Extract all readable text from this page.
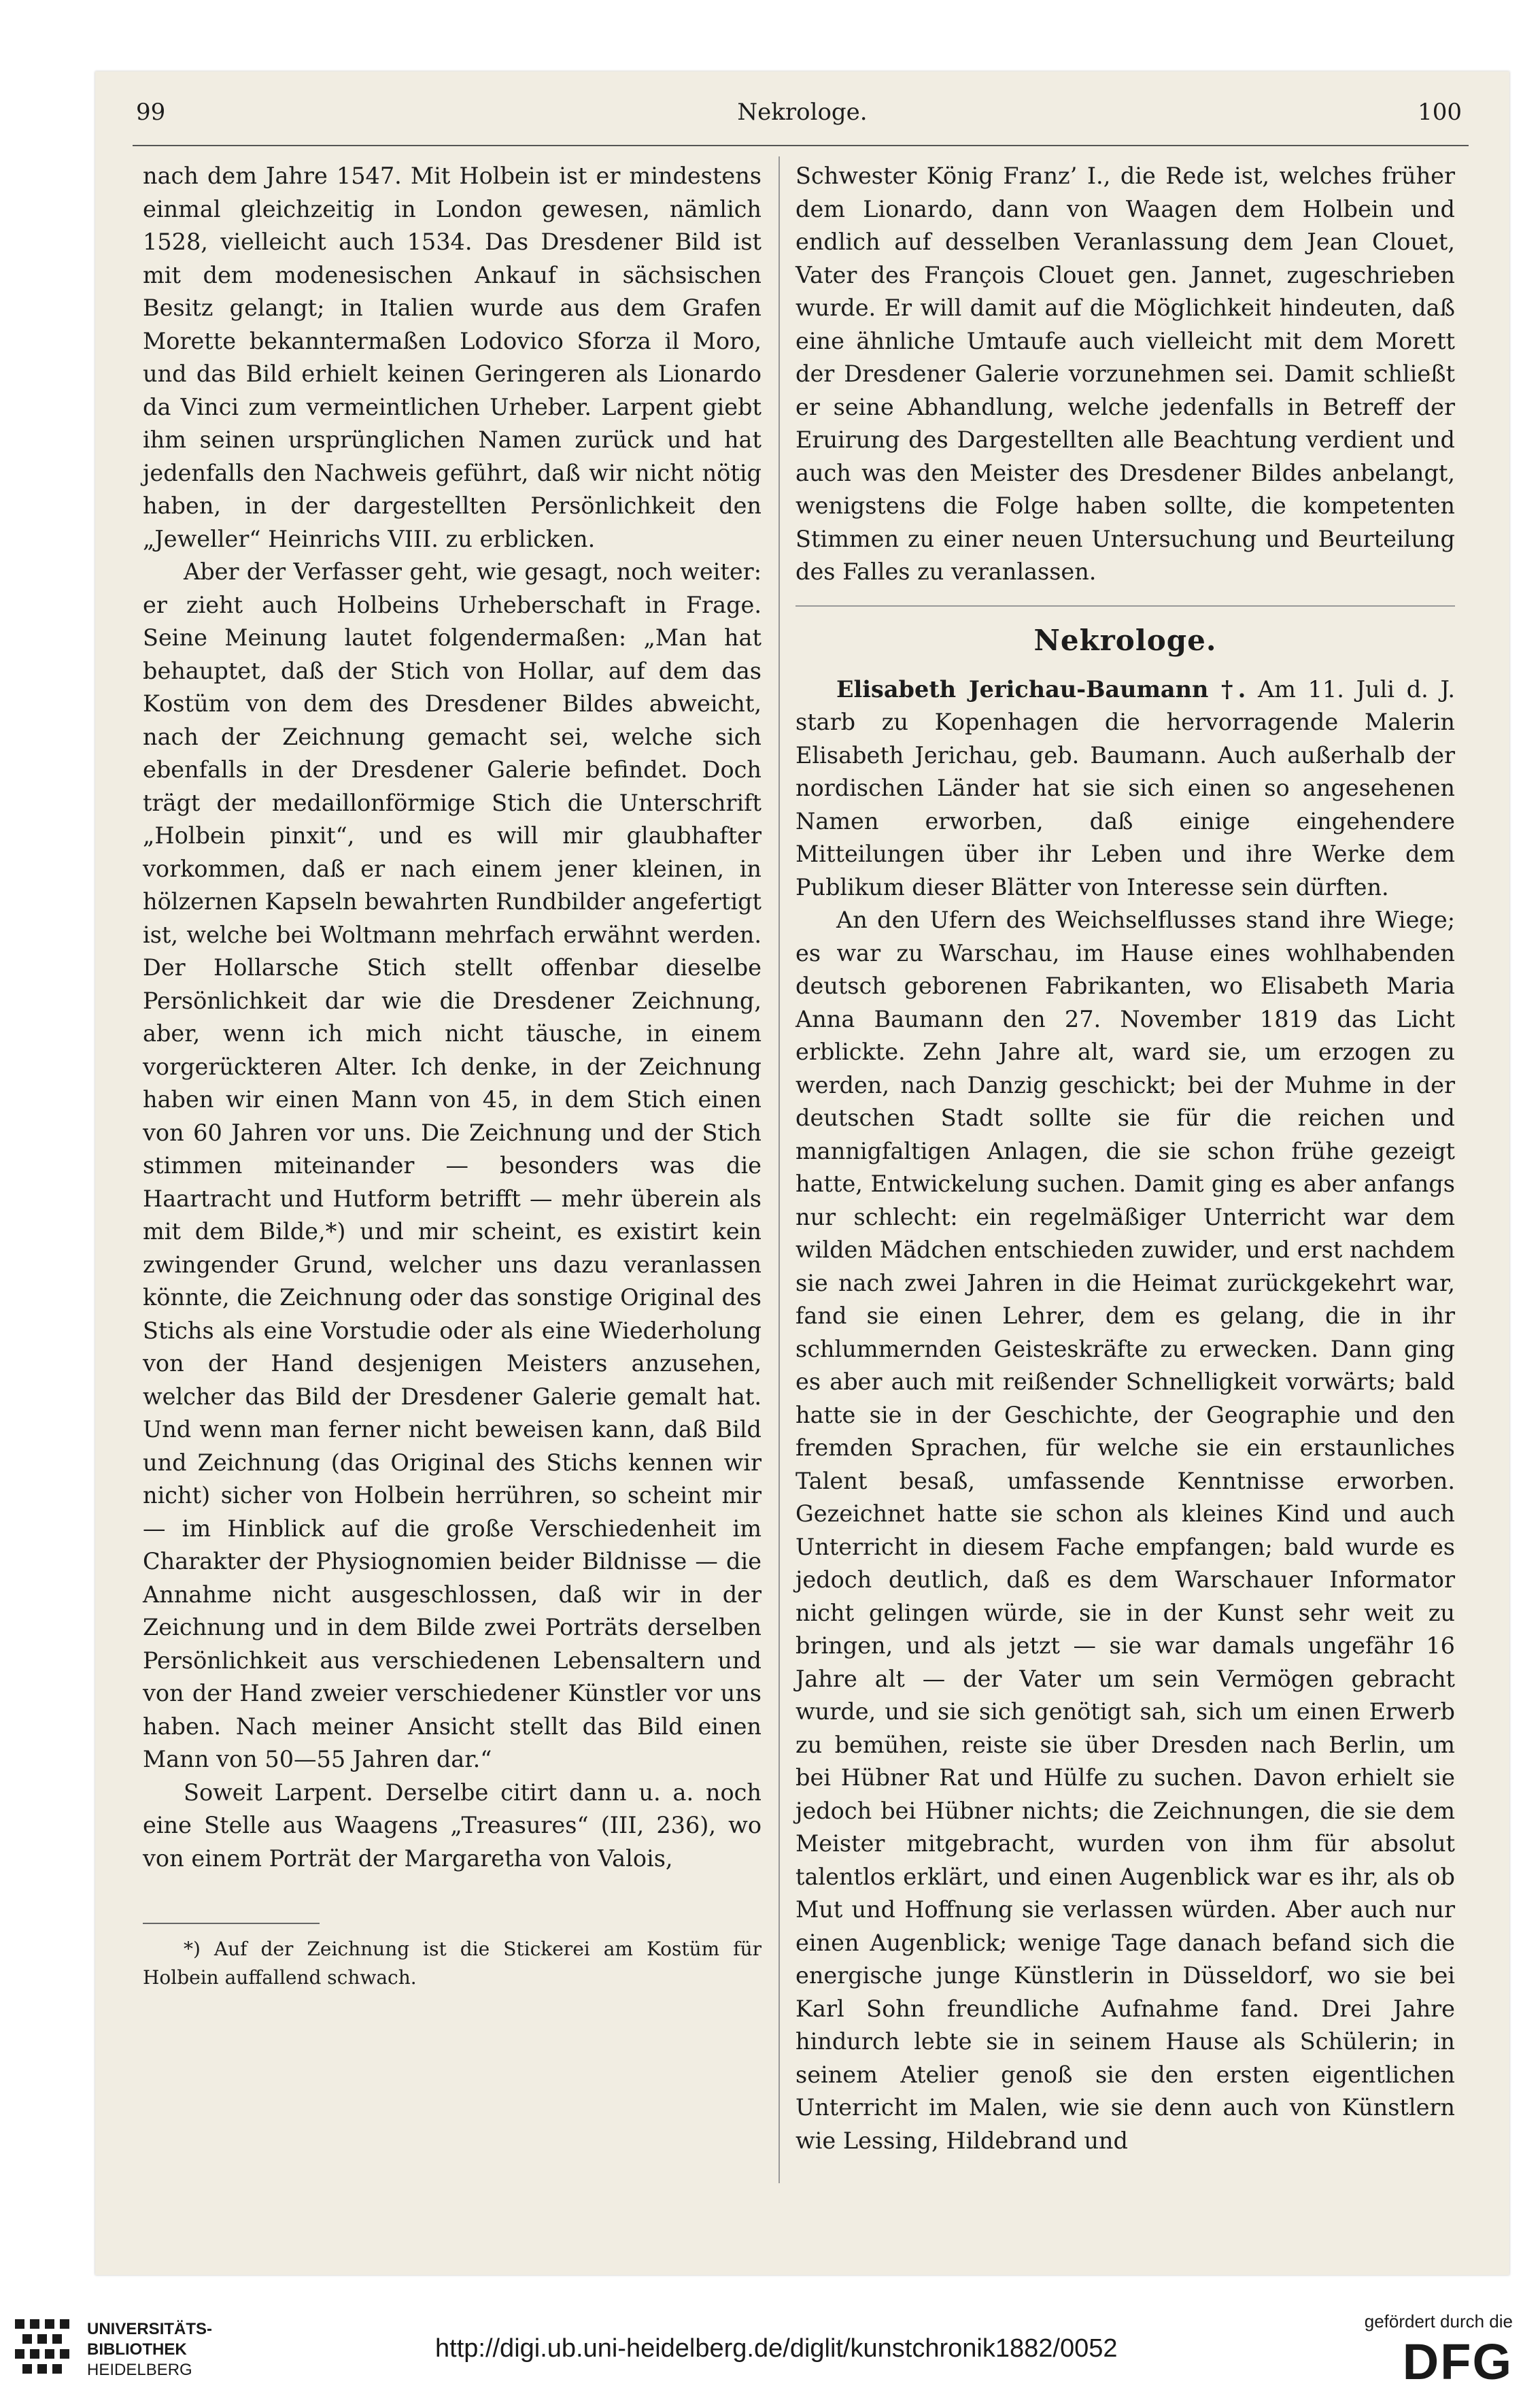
99	Nekrologe.	100

nach dem Jahre 1547. Mit Holbein ist er mindestens einmal gleichzeitig in London gewesen, nämlich 1528, vielleicht auch 1534. Das Dresdener Bild ist mit dem modenesischen Ankauf in sächsischen Besitz gelangt; in Italien wurde aus dem Grafen Morette bekanntermaßen Lodovico Sforza il Moro, und das Bild erhielt keinen Geringeren als Lionardo da Vinci zum vermeintlichen Urheber. Larpent giebt ihm seinen ursprünglichen Namen zurück und hat jedenfalls den Nachweis geführt, daß wir nicht nötig haben, in der dargestellten Persönlichkeit den „Jeweller“ Heinrichs VIII. zu erblicken.

Aber der Verfasser geht, wie gesagt, noch weiter: er zieht auch Holbeins Urheberschaft in Frage. Seine Meinung lautet folgendermaßen: „Man hat behauptet, daß der Stich von Hollar, auf dem das Kostüm von dem des Dresdener Bildes abweicht, nach der Zeichnung gemacht sei, welche sich ebenfalls in der Dresdener Galerie befindet. Doch trägt der medaillonförmige Stich die Unterschrift „Holbein pinxit“, und es will mir glaubhafter vorkommen, daß er nach einem jener kleinen, in hölzernen Kapseln bewahrten Rundbilder angefertigt ist, welche bei Woltmann mehrfach erwähnt werden. Der Hollarsche Stich stellt offenbar dieselbe Persönlichkeit dar wie die Dresdener Zeichnung, aber, wenn ich mich nicht täusche, in einem vorgerückteren Alter. Ich denke, in der Zeichnung haben wir einen Mann von 45, in dem Stich einen von 60 Jahren vor uns. Die Zeichnung und der Stich stimmen miteinander — besonders was die Haartracht und Hutform betrifft — mehr überein als mit dem Bilde,*) und mir scheint, es existirt kein zwingender Grund, welcher uns dazu veranlassen könnte, die Zeichnung oder das sonstige Original des Stichs als eine Vorstudie oder als eine Wiederholung von der Hand desjenigen Meisters anzusehen, welcher das Bild der Dresdener Galerie gemalt hat. Und wenn man ferner nicht beweisen kann, daß Bild und Zeichnung (das Original des Stichs kennen wir nicht) sicher von Holbein herrühren, so scheint mir — im Hinblick auf die große Verschiedenheit im Charakter der Physiognomien beider Bildnisse — die Annahme nicht ausgeschlossen, daß wir in der Zeichnung und in dem Bilde zwei Porträts derselben Persönlichkeit aus verschiedenen Lebensaltern und von der Hand zweier verschiedener Künstler vor uns haben. Nach meiner Ansicht stellt das Bild einen Mann von 50—55 Jahren dar.“

Soweit Larpent. Derselbe citirt dann u. a. noch eine Stelle aus Waagens „Treasures“ (III, 236), wo von einem Porträt der Margaretha von Valois,

*) Auf der Zeichnung ist die Stickerei am Kostüm für Holbein auffallend schwach.

Schwester König Franz’ I., die Rede ist, welches früher dem Lionardo, dann von Waagen dem Holbein und endlich auf desselben Veranlassung dem Jean Clouet, Vater des François Clouet gen. Jannet, zugeschrieben wurde. Er will damit auf die Möglichkeit hindeuten, daß eine ähnliche Umtaufe auch vielleicht mit dem Morett der Dresdener Galerie vorzunehmen sei. Damit schließt er seine Abhandlung, welche jedenfalls in Betreff der Eruirung des Dargestellten alle Beachtung verdient und auch was den Meister des Dresdener Bildes anbelangt, wenigstens die Folge haben sollte, die kompetenten Stimmen zu einer neuen Untersuchung und Beurteilung des Falles zu veranlassen.

Nekrologe.

Elisabeth Jerichau-Baumann †. Am 11. Juli d. J. starb zu Kopenhagen die hervorragende Malerin Elisabeth Jerichau, geb. Baumann. Auch außerhalb der nordischen Länder hat sie sich einen so angesehenen Namen erworben, daß einige eingehendere Mitteilungen über ihr Leben und ihre Werke dem Publikum dieser Blätter von Interesse sein dürften.

An den Ufern des Weichselflusses stand ihre Wiege; es war zu Warschau, im Hause eines wohlhabenden deutsch geborenen Fabrikanten, wo Elisabeth Maria Anna Baumann den 27. November 1819 das Licht erblickte. Zehn Jahre alt, ward sie, um erzogen zu werden, nach Danzig geschickt; bei der Muhme in der deutschen Stadt sollte sie für die reichen und mannigfaltigen Anlagen, die sie schon frühe gezeigt hatte, Entwickelung suchen. Damit ging es aber anfangs nur schlecht: ein regelmäßiger Unterricht war dem wilden Mädchen entschieden zuwider, und erst nachdem sie nach zwei Jahren in die Heimat zurückgekehrt war, fand sie einen Lehrer, dem es gelang, die in ihr schlummernden Geisteskräfte zu erwecken. Dann ging es aber auch mit reißender Schnelligkeit vorwärts; bald hatte sie in der Geschichte, der Geographie und den fremden Sprachen, für welche sie ein erstaunliches Talent besaß, umfassende Kenntnisse erworben. Gezeichnet hatte sie schon als kleines Kind und auch Unterricht in diesem Fache empfangen; bald wurde es jedoch deutlich, daß es dem Warschauer Informator nicht gelingen würde, sie in der Kunst sehr weit zu bringen, und als jetzt — sie war damals ungefähr 16 Jahre alt — der Vater um sein Vermögen gebracht wurde, und sie sich genötigt sah, sich um einen Erwerb zu bemühen, reiste sie über Dresden nach Berlin, um bei Hübner Rat und Hülfe zu suchen. Davon erhielt sie jedoch bei Hübner nichts; die Zeichnungen, die sie dem Meister mitgebracht, wurden von ihm für absolut talentlos erklärt, und einen Augenblick war es ihr, als ob Mut und Hoffnung sie verlassen würden. Aber auch nur einen Augenblick; wenige Tage danach befand sich die energische junge Künstlerin in Düsseldorf, wo sie bei Karl Sohn freundliche Aufnahme fand. Drei Jahre hindurch lebte sie in seinem Hause als Schülerin; in seinem Atelier genoß sie den ersten eigentlichen Unterricht im Malen, wie sie denn auch von Künstlern wie Lessing, Hildebrand und

UNIVERSITÄTS-
BIBLIOTHEK
HEIDELBERG
http://digi.ub.uni-heidelberg.de/diglit/kunstchronik1882/0052
gefördert durch die
DFG
